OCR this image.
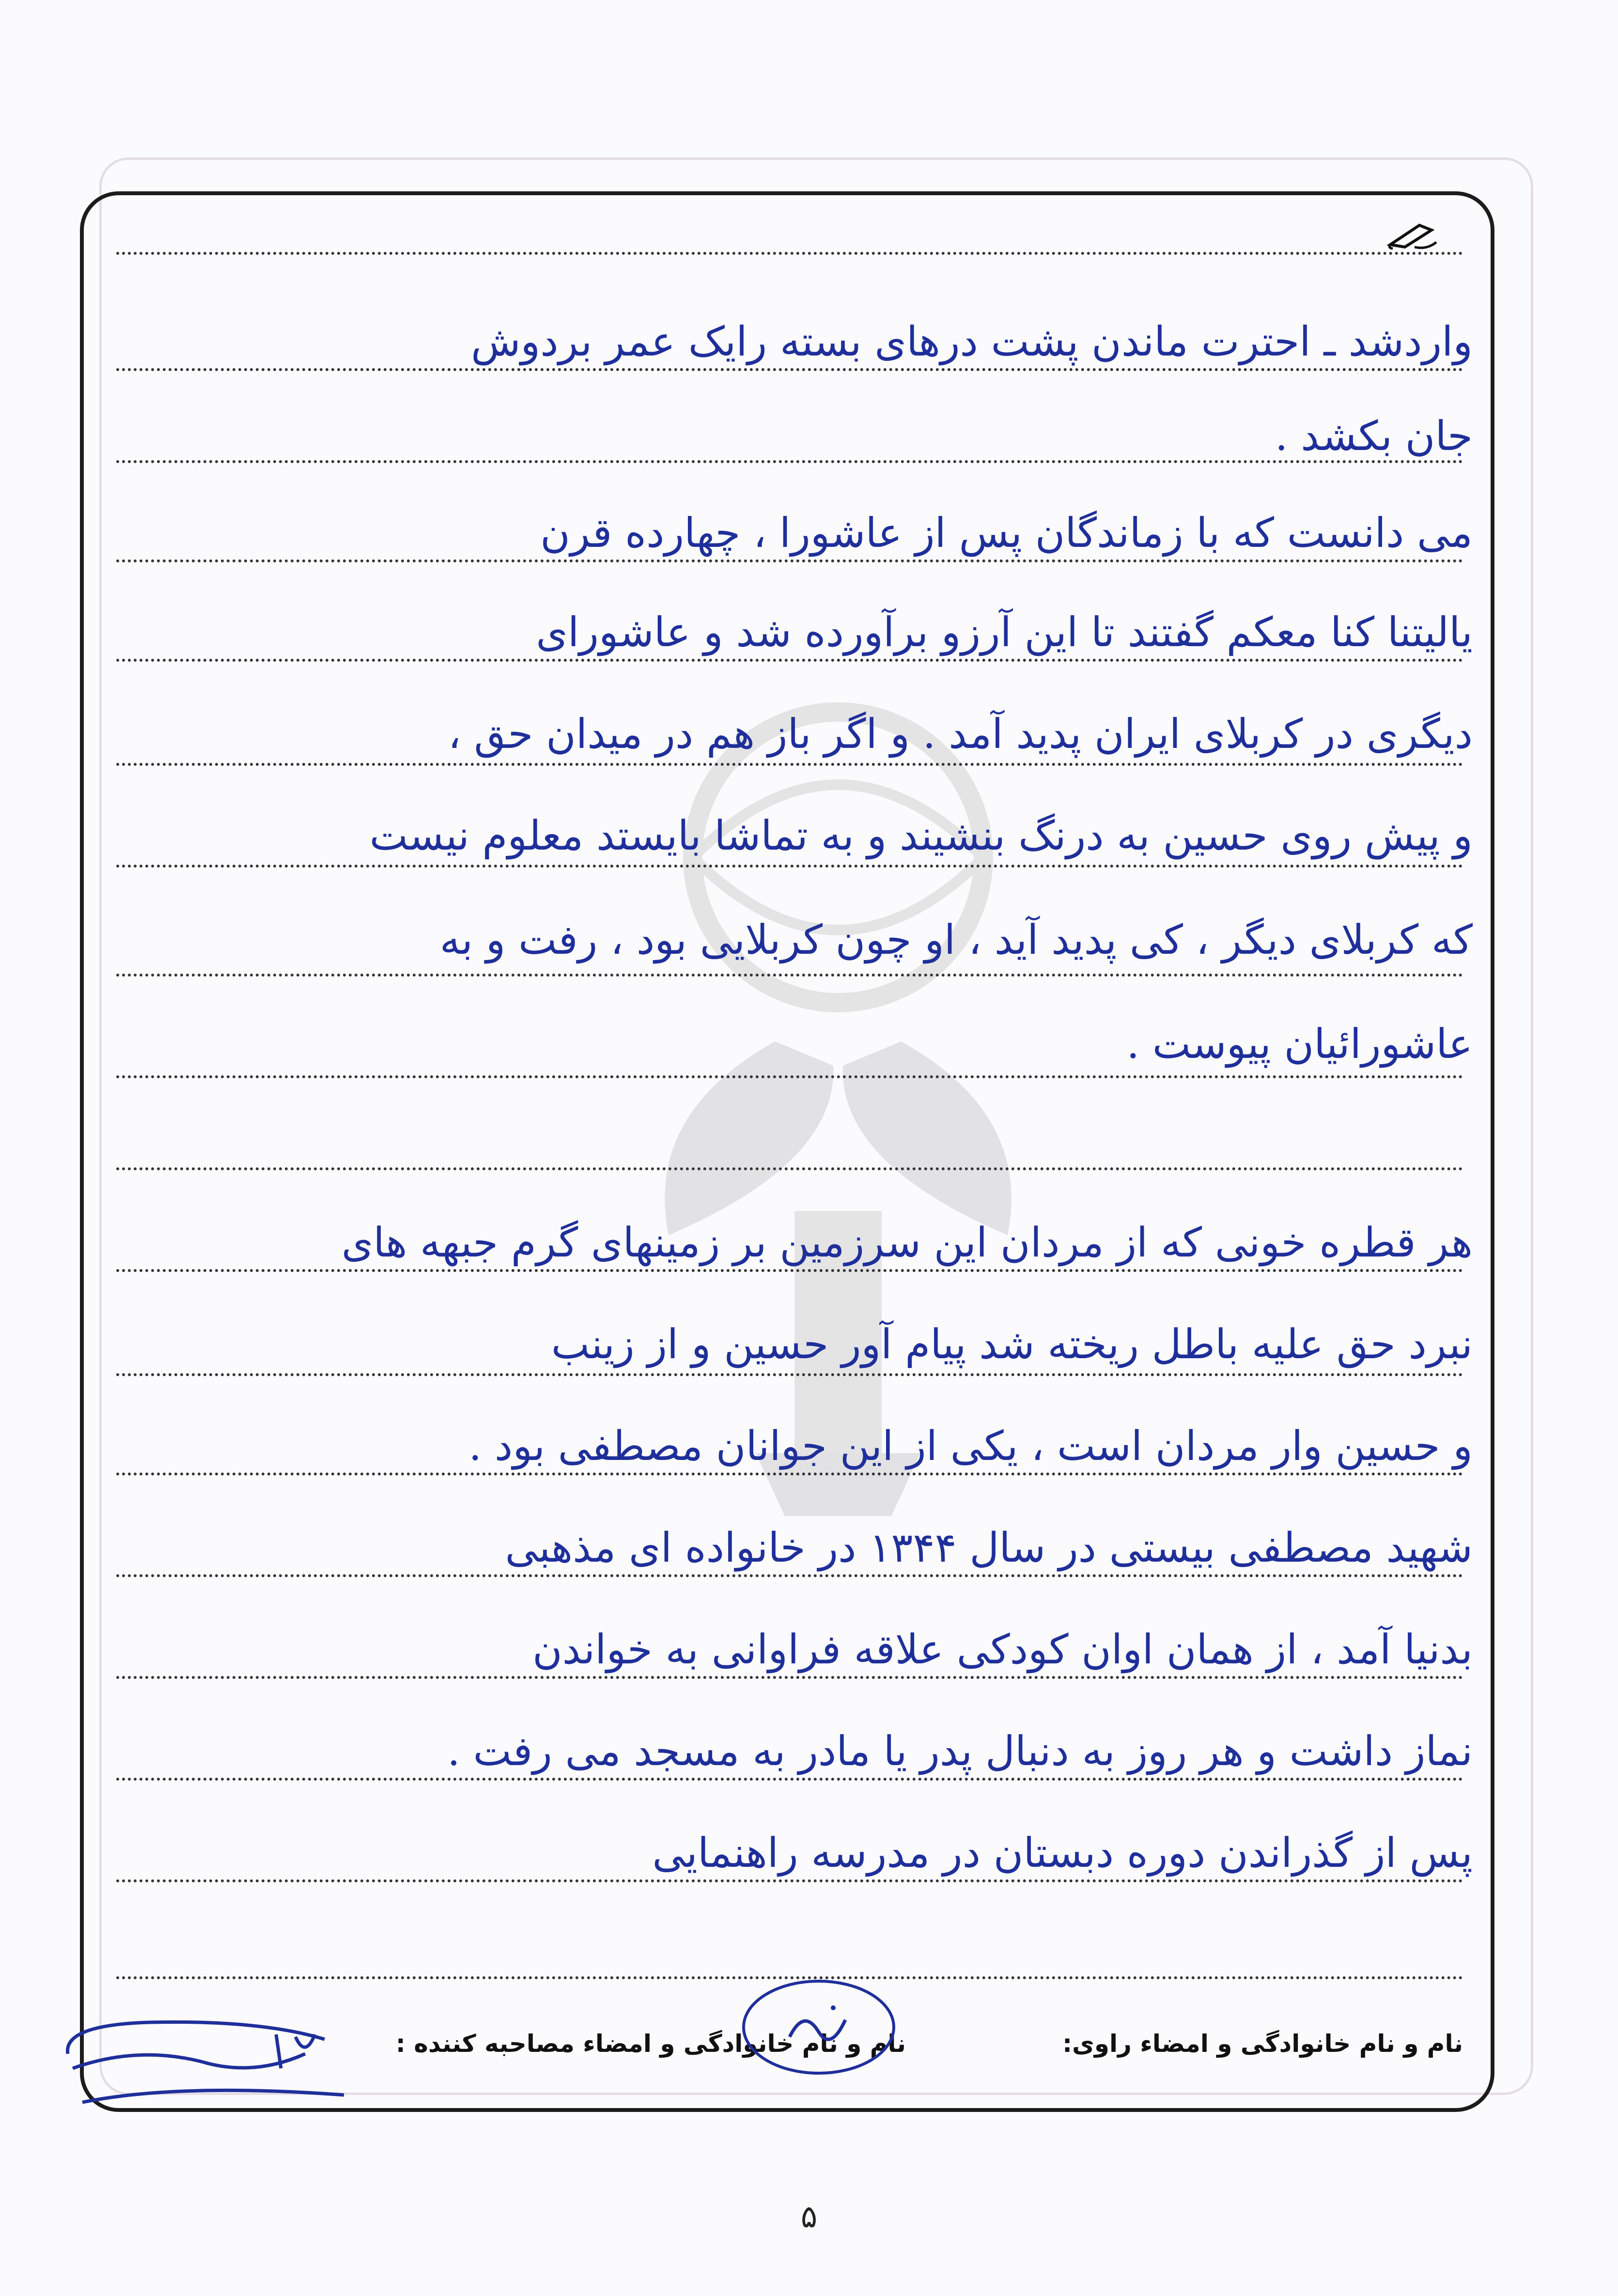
واردشد ـ احترت ماندن پشت درهای بسته رایک عمر بردوش
جان بکشد .
می دانست که با زماندگان پس از عاشورا ، چهارده قرن
یالیتنا کنا معکم گفتند تا این آرزو برآورده شد و عاشورای
دیگری در کربلای ایران پدید آمد . و اگر باز هم در میدان حق ،
و پیش روی حسین به درنگ بنشیند و به تماشا بایستد معلوم نیست
که کربلای دیگر ، کی پدید آید ، او چون کربلایی بود ، رفت و به
عاشورائیان پیوست .
هر قطره خونی که از مردان این سرزمین بر زمینهای گرم جبهه های
نبرد حق علیه باطل ریخته شد پیام آور حسین و از زینب
و حسین وار مردان است ، یکی از این جوانان مصطفی بود .
شهید مصطفی بیستی در سال ۱۳۴۴ در خانواده ای مذهبی
بدنیا آمد ، از همان اوان کودکی علاقه فراوانی به خواندن
نماز داشت و هر روز به دنبال پدر یا مادر به مسجد می رفت .
پس از گذراندن دوره دبستان در مدرسه راهنمایی
نام و نام خانوادگی و امضاء راوی:
نام و نام خانوادگی و امضاء مصاحبه کننده :
۵
